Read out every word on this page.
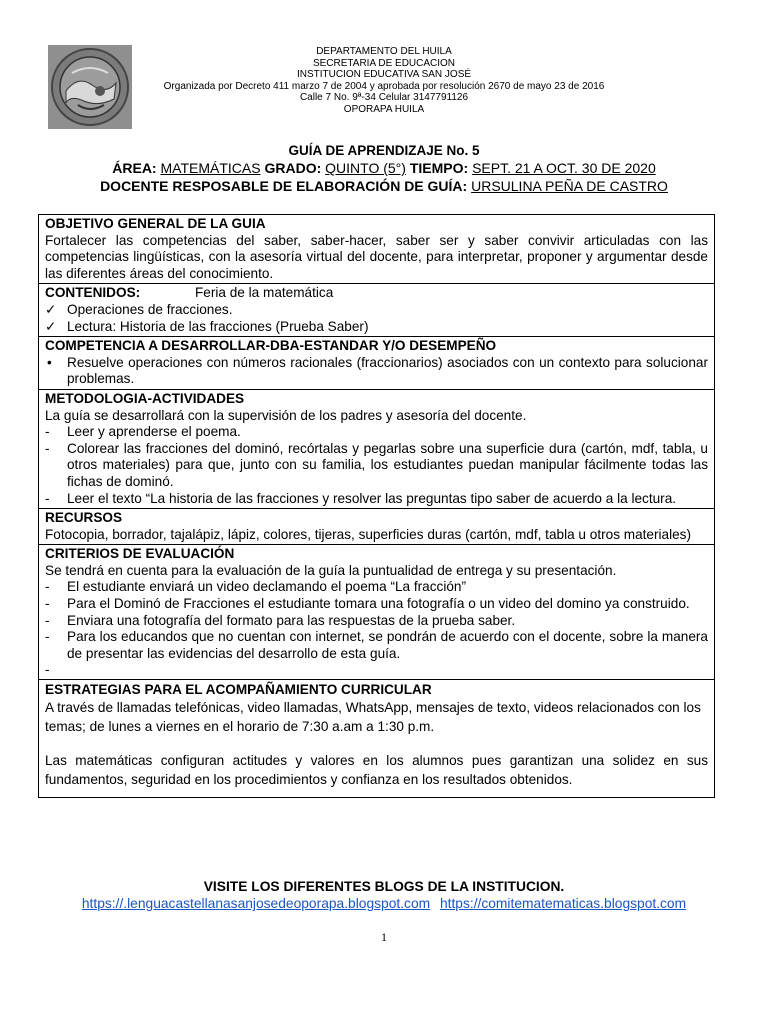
DEPARTAMENTO DEL HUILA
SECRETARIA DE EDUCACION
INSTITUCION EDUCATIVA SAN JOSÉ
Organizada por Decreto 411 marzo 7 de 2004 y aprobada por resolución 2670 de mayo 23 de 2016
Calle 7 No. 9ª-34 Celular 3147791126
OPORAPA HUILA
GUÍA DE APRENDIZAJE No. 5
ÁREA: MATEMÁTICAS GRADO: QUINTO (5°) TIEMPO: SEPT. 21 A OCT. 30 DE 2020
DOCENTE RESPOSABLE DE ELABORACIÓN DE GUÍA: URSULINA PEÑA DE CASTRO
OBJETIVO GENERAL DE LA GUIA
Fortalecer las competencias del saber, saber-hacer, saber ser y saber convivir articuladas con las competencias lingüísticas, con la asesoría virtual del docente, para interpretar, proponer y argumentar desde las diferentes áreas del conocimiento.

CONTENIDOS:	Feria de la matemática
✓ Operaciones de fracciones.
✓ Lectura: Historia de las fracciones (Prueba Saber)

COMPETENCIA A DESARROLLAR-DBA-ESTANDAR Y/O DESEMPEÑO
• Resuelve operaciones con números racionales (fraccionarios) asociados con un contexto para solucionar problemas.

METODOLOGIA-ACTIVIDADES
La guía se desarrollará con la supervisión de los padres y asesoría del docente.
- Leer y aprenderse el poema.
- Colorear las fracciones del dominó, recórtalas y pegarlas sobre una superficie dura (cartón, mdf, tabla, u otros materiales) para que, junto con su familia, los estudiantes puedan manipular fácilmente todas las fichas de dominó.
- Leer el texto “La historia de las fracciones y resolver las preguntas tipo saber de acuerdo a la lectura.

RECURSOS
Fotocopia, borrador, tajalápiz, lápiz, colores, tijeras, superficies duras (cartón, mdf, tabla u otros materiales)

CRITERIOS DE EVALUACIÓN
Se tendrá en cuenta para la evaluación de la guía la puntualidad de entrega y su presentación.
- El estudiante enviará un video declamando el poema “La fracción”
- Para el Dominó de Fracciones el estudiante tomara una fotografía o un video del domino ya construido.
- Enviara una fotografía del formato para las respuestas de la prueba saber.
- Para los educandos que no cuentan con internet, se pondrán de acuerdo con el docente, sobre la manera de presentar las evidencias del desarrollo de esta guía.
-

ESTRATEGIAS PARA EL ACOMPAÑAMIENTO CURRICULAR

A través de llamadas telefónicas, video llamadas, WhatsApp, mensajes de texto, videos relacionados con los temas; de lunes a viernes en el horario de 7:30 a.am a 1:30 p.m.

Las matemáticas configuran actitudes y valores en los alumnos pues garantizan una solidez en sus fundamentos, seguridad en los procedimientos y confianza en los resultados obtenidos.

VISITE LOS DIFERENTES BLOGS DE LA INSTITUCION.
https://.lenguacastellanasanjosedeoporapa.blogspot.com https://comitematematicas.blogspot.com
1
